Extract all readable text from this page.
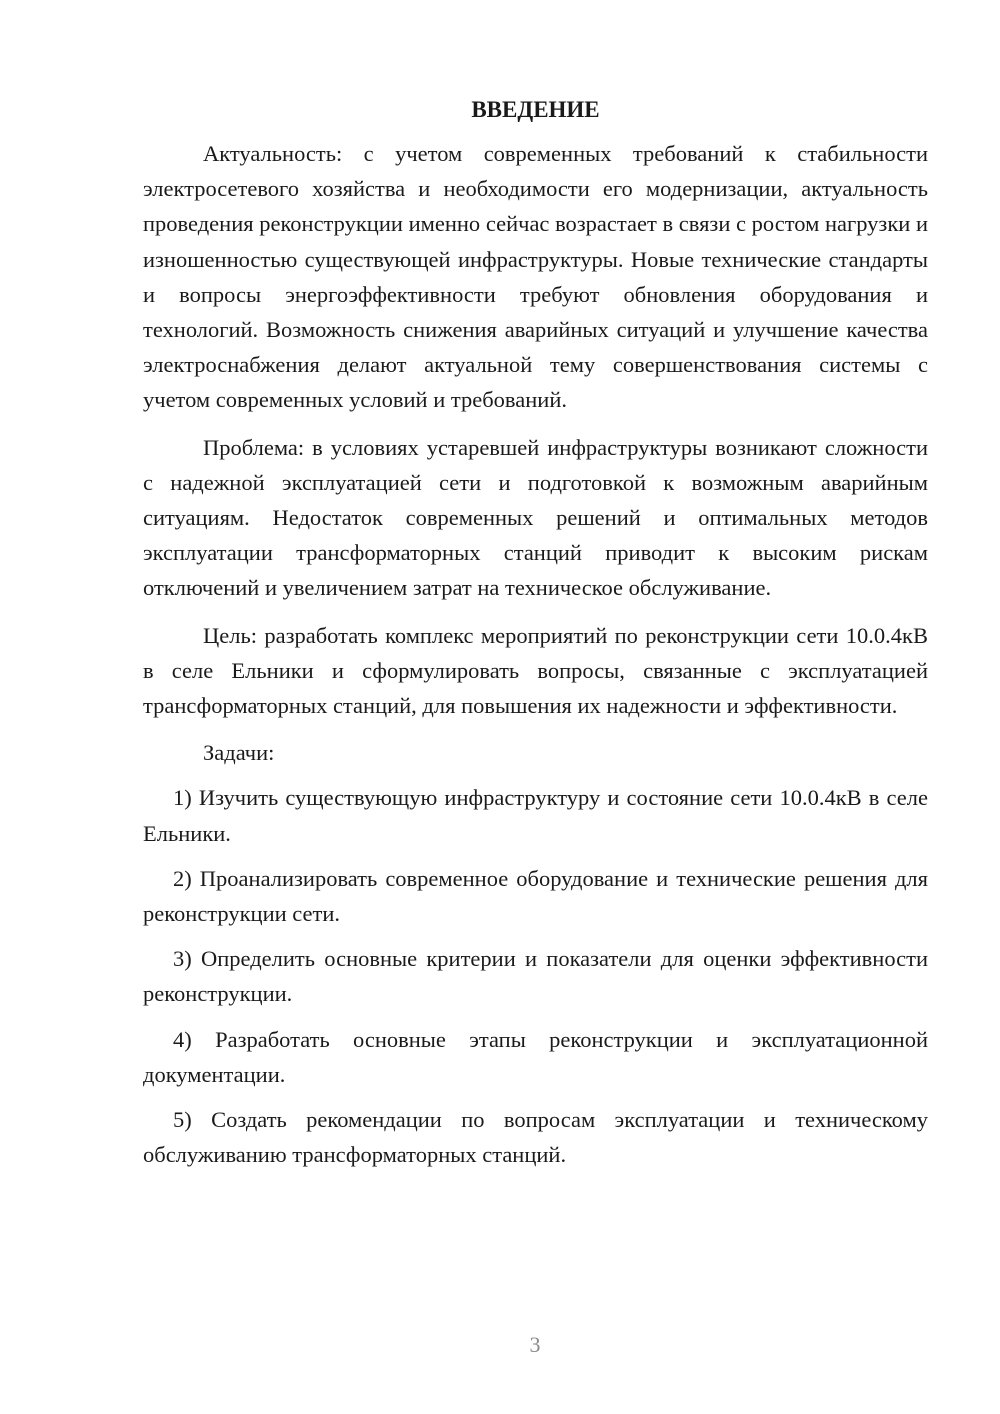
ВВЕДЕНИЕ

Актуальность: с учетом современных требований к стабильности электросетевого хозяйства и необходимости его модернизации, актуальность проведения реконструкции именно сейчас возрастает в связи с ростом нагрузки и изношенностью существующей инфраструктуры. Новые технические стандарты и вопросы энергоэффективности требуют обновления оборудования и технологий. Возможность снижения аварийных ситуаций и улучшение качества электроснабжения делают актуальной тему совершенствования системы с учетом современных условий и требований.

Проблема: в условиях устаревшей инфраструктуры возникают сложности с надежной эксплуатацией сети и подготовкой к возможным аварийным ситуациям. Недостаток современных решений и оптимальных методов эксплуатации трансформаторных станций приводит к высоким рискам отключений и увеличением затрат на техническое обслуживание.

Цель: разработать комплекс мероприятий по реконструкции сети 10.0.4кВ в селе Ельники и сформулировать вопросы, связанные с эксплуатацией трансформаторных станций, для повышения их надежности и эффективности.

Задачи:

1) Изучить существующую инфраструктуру и состояние сети 10.0.4кВ в селе Ельники.

2) Проанализировать современное оборудование и технические решения для реконструкции сети.

3) Определить основные критерии и показатели для оценки эффективности реконструкции.

4) Разработать основные этапы реконструкции и эксплуатационной документации.

5) Создать рекомендации по вопросам эксплуатации и техническому обслуживанию трансформаторных станций.

3
